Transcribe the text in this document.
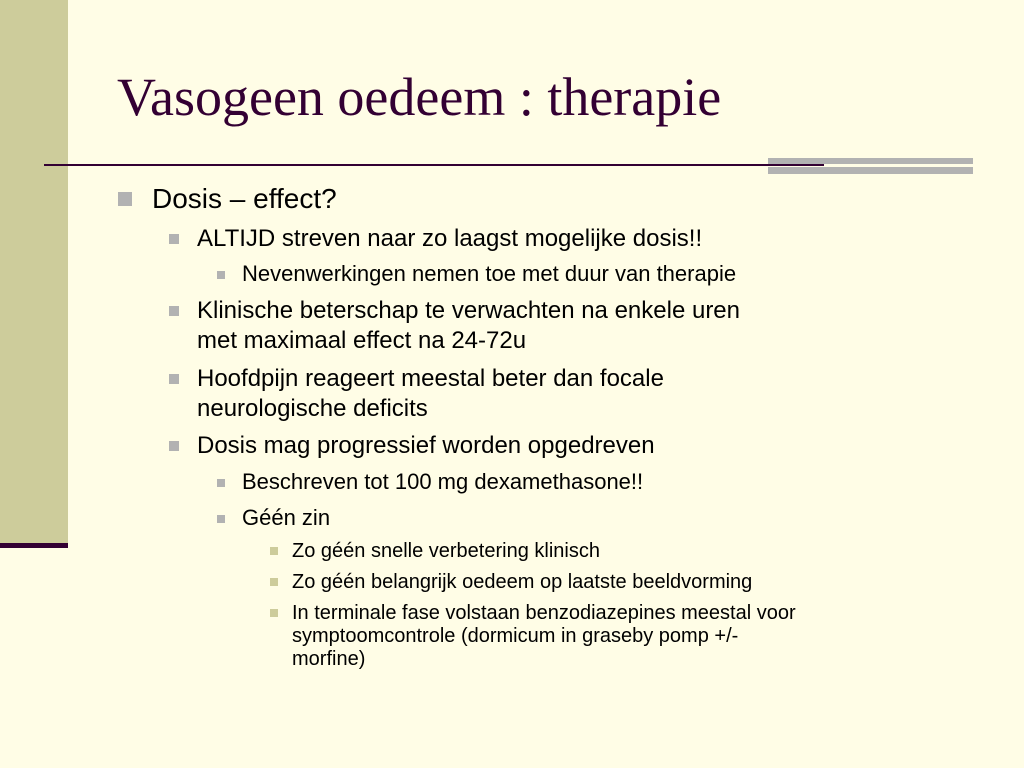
Vasogeen oedeem : therapie
Dosis – effect?
ALTIJD streven naar zo laagst mogelijke dosis!!
Nevenwerkingen nemen toe met duur van therapie
Klinische beterschap te verwachten na enkele uren
met maximaal effect na 24-72u
Hoofdpijn reageert meestal beter dan focale
neurologische deficits
Dosis mag progressief worden opgedreven
Beschreven tot 100 mg dexamethasone!!
Géén zin
Zo géén snelle verbetering klinisch
Zo géén belangrijk oedeem op laatste beeldvorming
In terminale fase volstaan benzodiazepines meestal voor
symptoomcontrole (dormicum in graseby pomp +/-
morfine)
